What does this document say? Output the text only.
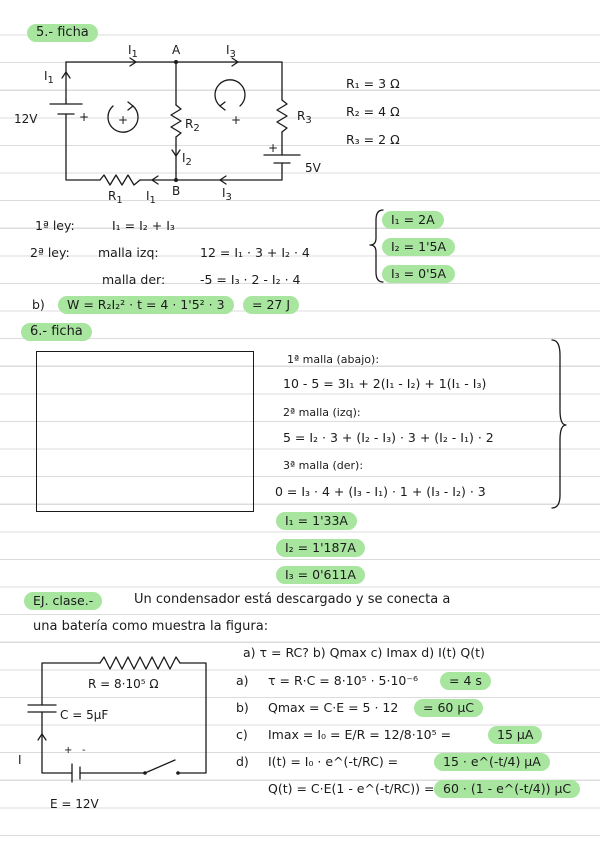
5.- ficha
+	+
+
+
$I_1$	A	$I_3$
$I_1$
12V	$R_2$
$R_3$
$I_2$	5V
$R_1$ $I_1$
B	$I_3$
R₁ = 3 Ω
R₂ = 4 Ω
R₃ = 2 Ω
1ª ley:	I₁ = I₂ + I₃
2ª ley: malla izq:	12 = I₁ · 3 + I₂ · 4
malla der:	-5 = I₃ · 2 - I₂ · 4
I₁ = 2A
I₂ = 1'5A
I₃ = 0'5A
b)	W = R₂I₂² · t = 4 · 1'5² · 3	= 27 J
6.- ficha
1ª malla (abajo):
10 - 5 = 3I₁ + 2(I₁ - I₂) + 1(I₁ - I₃)
2ª malla (izq):
5 = I₂ · 3 + (I₂ - I₃) · 3 + (I₂ - I₁) · 2
3ª malla (der):
0 = I₃ · 4 + (I₃ - I₁) · 1 + (I₃ - I₂) · 3
I₁ = 1'33A
I₂ = 1'187A
I₃ = 0'611A
EJ. clase.-	Un condensador está descargado y se conecta a
una batería como muestra la figura:
R = 8·10⁵ Ω
C = 5μF
I
+ -
E = 12V
a) τ = RC? b) Qmax c) Imax d) I(t) Q(t)
a) τ = R·C = 8·10⁵ · 5·10⁻⁶	= 4 s
b) Qmax = C·E = 5 · 12	= 60 μC
c) Imax = I₀ = E/R = 12/8·10⁵ =	15 μA
d) I(t) = I₀ · e^(-t/RC) =	15 · e^(-t/4) μA
Q(t) = C·E(1 - e^(-t/RC)) = 60 · (1 - e^(-t/4)) μC
